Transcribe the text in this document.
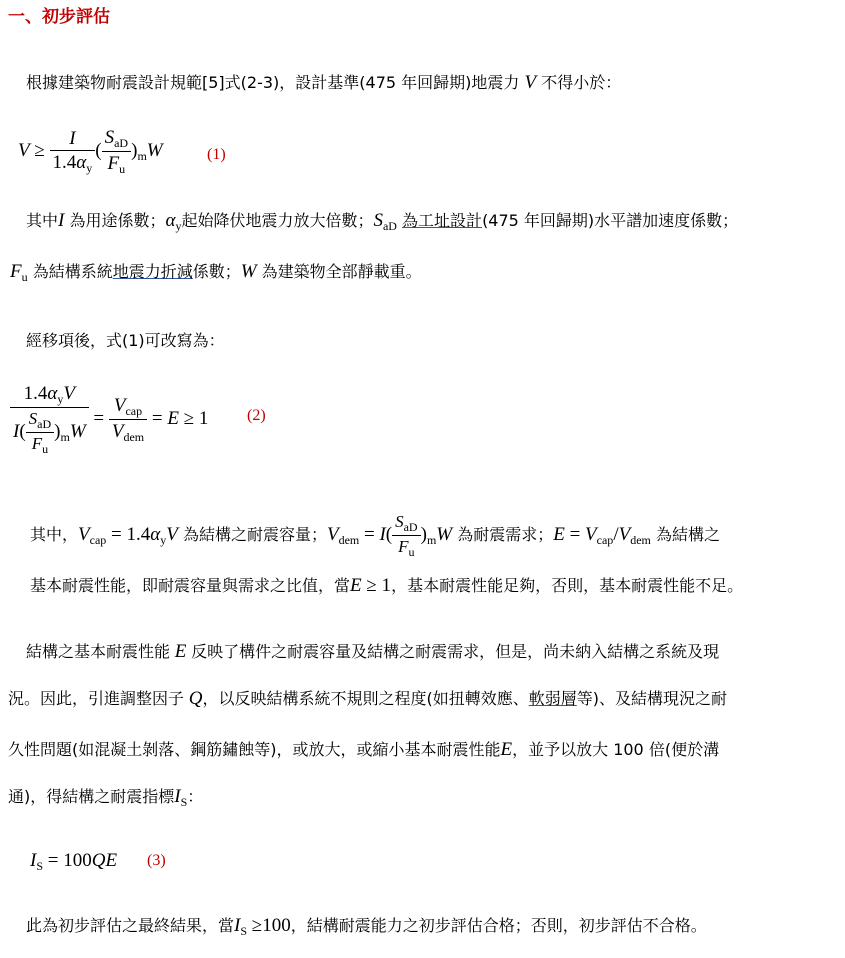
一、初步評估
根據建築物耐震設計規範[5]式(2-3)，設計基準(475 年回歸期)地震力 V 不得小於：
$V \ge \frac{I}{1.4\alpha_y}$ ( $\frac{S_{aD}}{F_u} )_mW$	(1)
其中I 為用途係數；$\alpha_y$起始降伏地震力放大倍數；$S_{aD}$ 為工址設計(475 年回歸期)水平譜加速度係數；
$F_u$ 為結構系統地震力折減係數；W 為建築物全部靜載重。
經移項後，式(1)可改寫為：
$\frac{1.4\alpha_yV}{I( \frac{S_{aD}}{F_u} )_mW} = \frac{V_{cap}}{V_{dem}} = E \ge 1$ (2)
其中，$V_{cap} = 1.4\alpha_yV$ 為結構之耐震容量；$V_{dem} = I( \frac{S_{aD}}{F_u} )_mW$ 為耐震需求；$E = V_{cap}/V_{dem}$ 為結構之
基本耐震性能，即耐震容量與需求之比值，當E ≥ 1，基本耐震性能足夠，否則，基本耐震性能不足。
結構之基本耐震性能 E 反映了構件之耐震容量及結構之耐震需求，但是，尚未納入結構之系統及現
況。因此，引進調整因子 Q，以反映結構系統不規則之程度(如扭轉效應、軟弱層等)、及結構現況之耐
久性問題(如混凝土剝落、鋼筋鏽蝕等)，或放大，或縮小基本耐震性能E，並予以放大 100 倍(便於溝
通)，得結構之耐震指標$I_S$：
$I_S = 100QE$ (3)
此為初步評估之最終結果，當$I_S \ge 100$，結構耐震能力之初步評估合格；否則，初步評估不合格。
